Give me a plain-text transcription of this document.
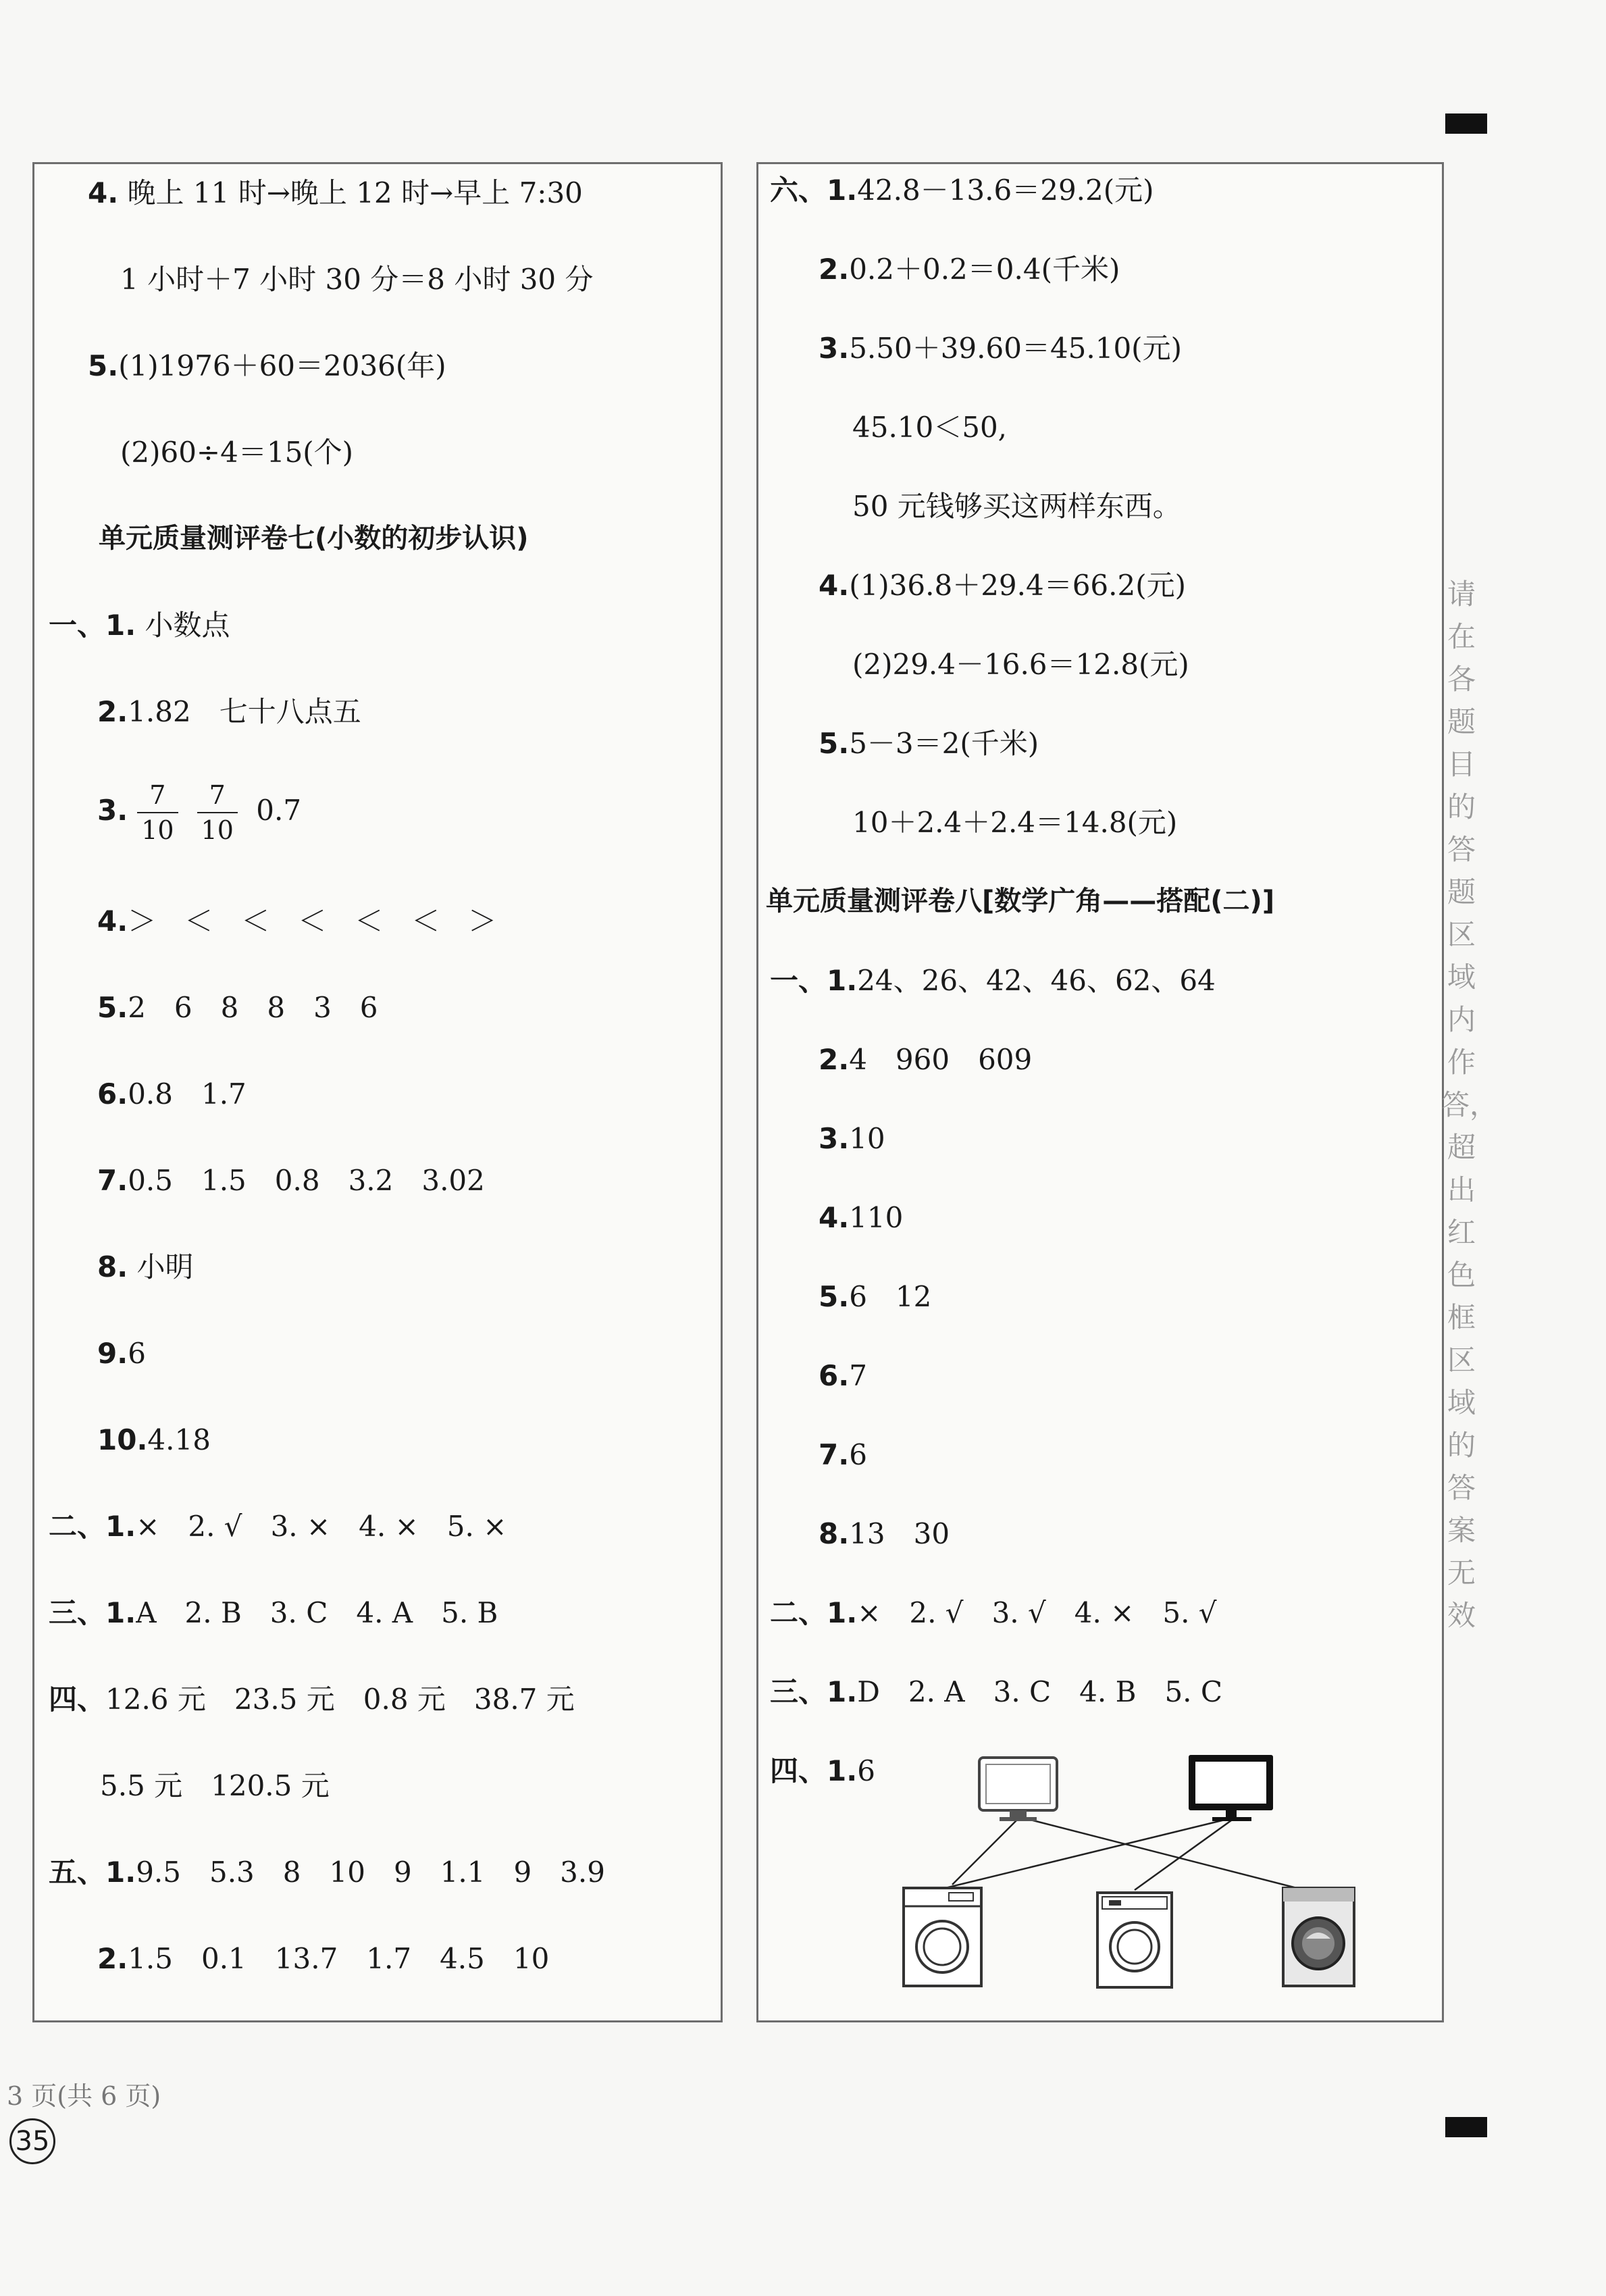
4. 晚上 11 时→晚上 12 时→早上 7:30
1 小时＋7 小时 30 分＝8 小时 30 分
5.(1)1976＋60＝2036(年)
(2)60÷4＝15(个)
单元质量测评卷七(小数的初步认识)
一、1. 小数点
2.1.82　七十八点五
3. $\frac{7}{10} \frac{7}{10} 0.7$
4.＞　＜　＜　＜　＜　＜　＞
5.2　6　8　8　3　6
6.0.8　1.7
7.0.5　1.5　0.8　3.2　3.02
8. 小明
9.6
10.4.18
二、1.×　2. √　3. ×　4. ×　5. ×
三、1.A　2. B　3. C　4. A　5. B
四、12.6 元　23.5 元　0.8 元　38.7 元
5.5 元　120.5 元
五、1.9.5　5.3　8　10　9　1.1　9　3.9
2.1.5　0.1　13.7　1.7　4.5　10
六、1.42.8－13.6＝29.2(元)
2.0.2＋0.2＝0.4(千米)
3.5.50＋39.60＝45.10(元)
45.10＜50,
50 元钱够买这两样东西。
4.(1)36.8＋29.4＝66.2(元)
(2)29.4－16.6＝12.8(元)
5.5－3＝2(千米)
10＋2.4＋2.4＝14.8(元)
单元质量测评卷八[数学广角——搭配(二)]
一、1.24、26、42、46、62、64
2.4　960　609
3.10
4.110
5.6　12
6.7
7.6
8.13　30
二、1.×　2. √　3. √　4. ×　5. √
三、1.D　2. A　3. C　4. B　5. C
四、1.6
请在各题目的答题区域内作答，超出红色框区域的答案无效
3 页(共 6 页)
35
